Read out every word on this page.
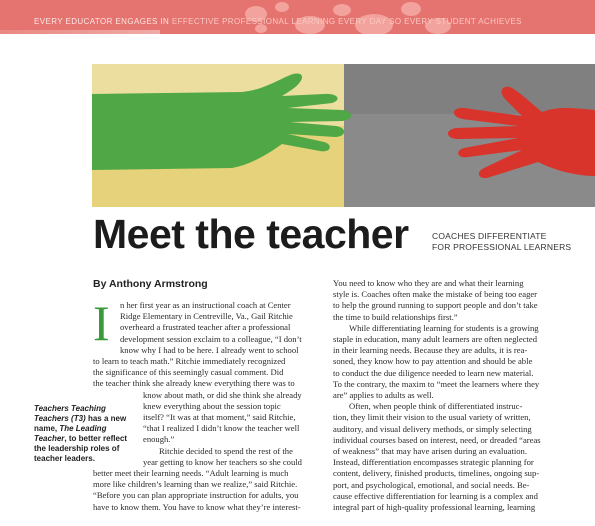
EVERY EDUCATOR ENGAGES IN EFFECTIVE PROFESSIONAL LEARNING EVERY DAY SO EVERY STUDENT ACHIEVES
Meet the teacher	COACHES DIFFERENTIATE
FOR PROFESSIONAL LEARNERS
By Anthony Armstrong
Teachers Teaching Teachers (T3) has a new name, The Leading Teacher, to better reflect the leadership roles of teacher leaders.
I n her first year as an instructional coach at Center
Ridge Elementary in Centreville, Va., Gail Ritchie
overheard a frustrated teacher after a professional
development session exclaim to a colleague, “I don’t
know why I had to be here. I already went to school
to learn to teach math.” Ritchie immediately recognized
the significance of this seemingly casual comment. Did
the teacher think she already knew everything there was to
know about math, or did she think she already
knew everything about the session topic
itself? “It was at that moment,” said Ritchie,
“that I realized I didn’t know the teacher well
enough.”
Ritchie decided to spend the rest of the
year getting to know her teachers so she could
better meet their learning needs. “Adult learning is much
more like children’s learning than we realize,” said Ritchie.
“Before you can plan appropriate instruction for adults, you
have to know them. You have to know what they’re interest-
You need to know who they are and what their learning
style is. Coaches often make the mistake of being too eager
to help the ground running to support people and don’t take
the time to build relationships first.”
While differentiating learning for students is a growing
staple in education, many adult learners are often neglected
in their learning needs. Because they are adults, it is rea-
soned, they know how to pay attention and should be able
to conduct the due diligence needed to learn new material.
To the contrary, the maxim to “meet the learners where they
are” applies to adults as well.
Often, when people think of differentiated instruc-
tion, they limit their vision to the usual variety of written,
auditory, and visual delivery methods, or simply selecting
individual courses based on interest, need, or dreaded “areas
of weakness” that may have arisen during an evaluation.
Instead, differentiation encompasses strategic planning for
content, delivery, finished products, timelines, ongoing sup-
port, and psychological, emotional, and social needs. Be-
cause effective differentiation for learning is a complex and
integral part of high-quality professional learning, learning
